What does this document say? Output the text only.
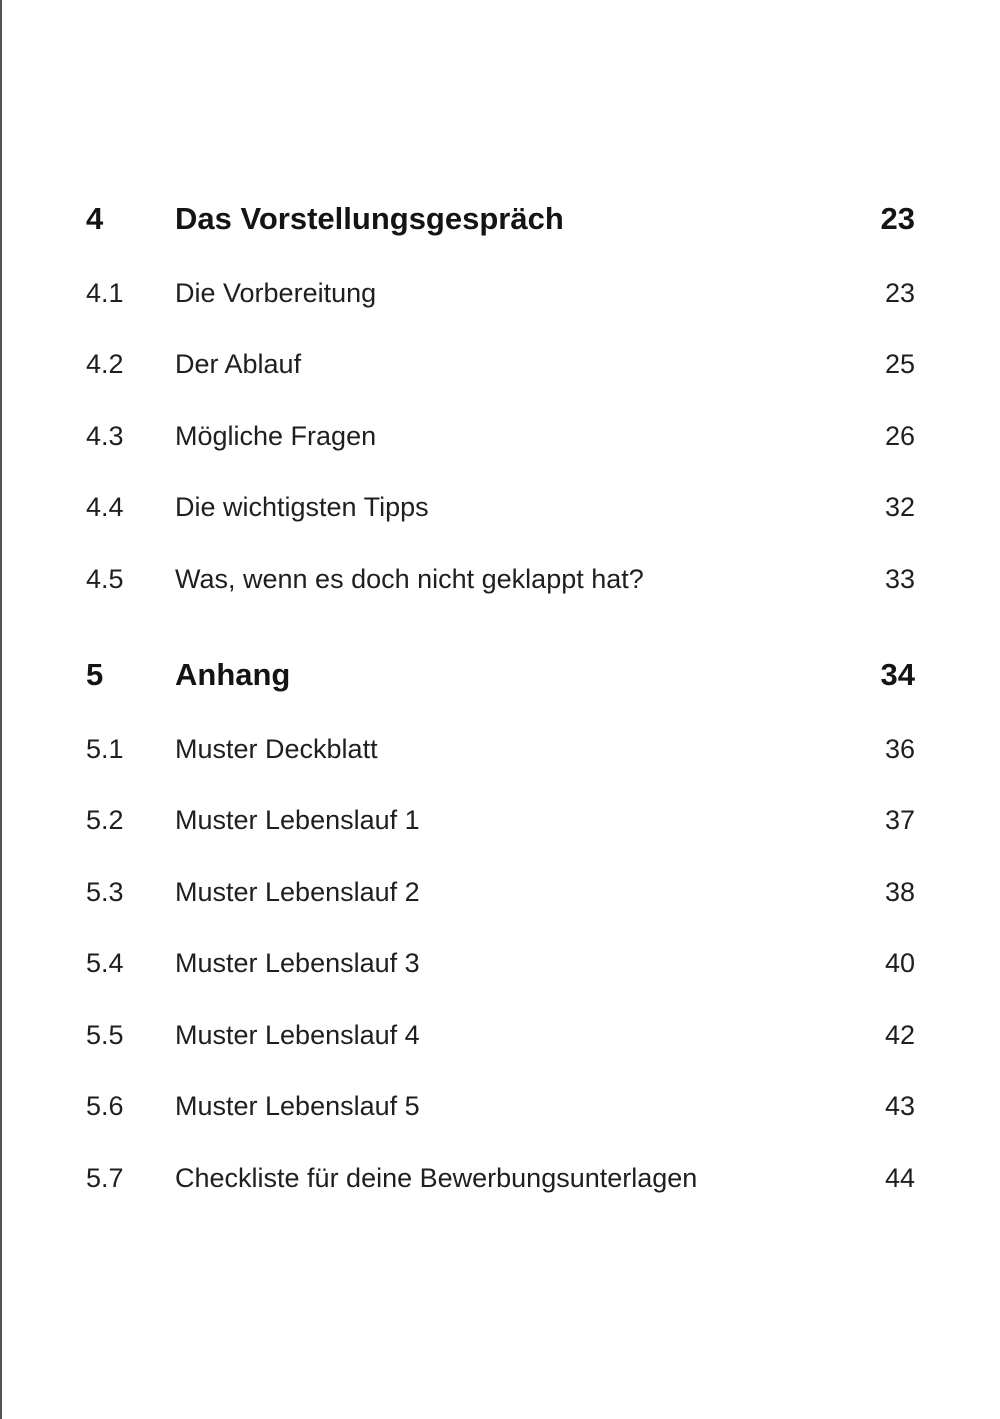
4	Das Vorstellungsgespräch	23
4.1	Die Vorbereitung	23
4.2	Der Ablauf	25
4.3	Mögliche Fragen	26
4.4	Die wichtigsten Tipps	32
4.5	Was, wenn es doch nicht geklappt hat?	33
5	Anhang	34
5.1	Muster Deckblatt	36
5.2	Muster Lebenslauf 1	37
5.3	Muster Lebenslauf 2	38
5.4	Muster Lebenslauf 3	40
5.5	Muster Lebenslauf 4	42
5.6	Muster Lebenslauf 5	43
5.7	Checkliste für deine Bewerbungsunterlagen	44
